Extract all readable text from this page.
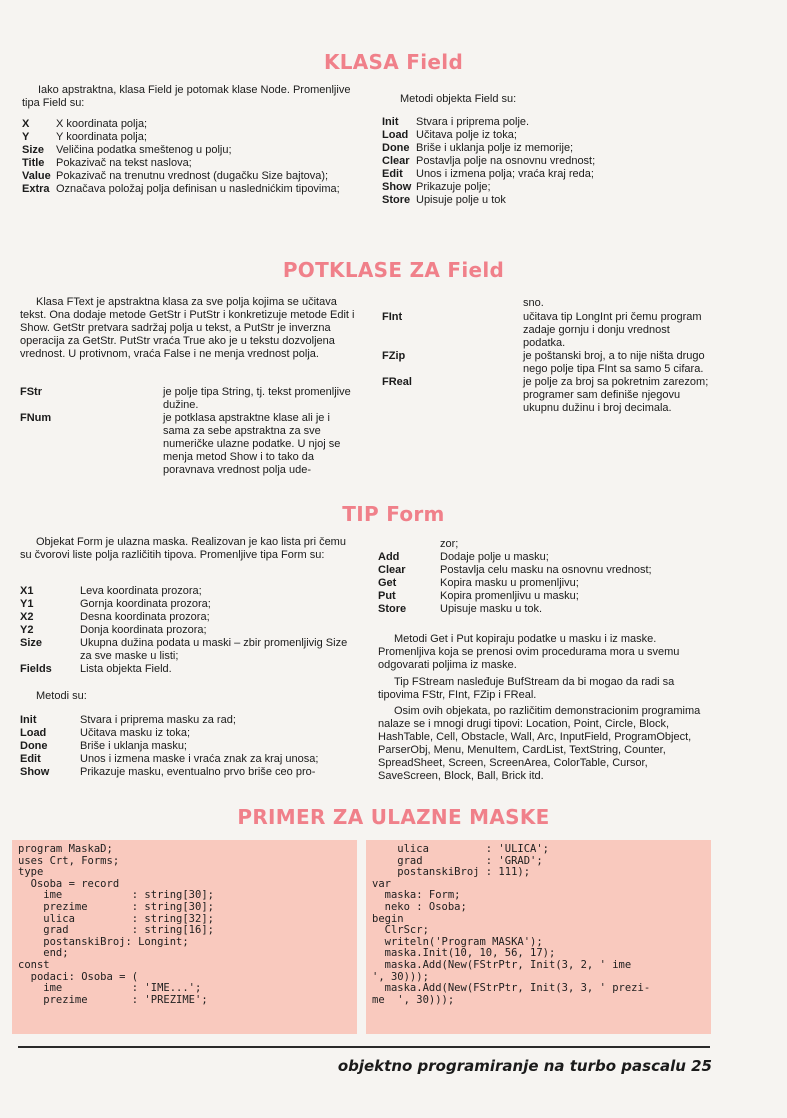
KLASA Field
Iako apstraktna, klasa Field je potomak klase Node. Promenljive tipa Field su:
X	X koordinata polja;
Y	Y koordinata polja;
Size	Veličina podatka smeštenog u polju;
Title	Pokazivač na tekst naslova;
Value Pokazivač na trenutnu vrednost (dugačku Size bajtova);
Extra Označava položaj polja definisan u naslednićkim tipovima;
Metodi objekta Field su:
Init	Stvara i priprema polje.
Load Učitava polje iz toka;
Done Briše i uklanja polje iz memorije;
Clear Postavlja polje na osnovnu vrednost;
Edit	Unos i izmena polja; vraća kraj reda;
Show Prikazuje polje;
Store Upisuje polje u tok
POTKLASE ZA Field
Klasa FText je apstraktna klasa za sve polja kojima se učitava tekst. Ona dodaje metode GetStr i PutStr i konkretizuje metode Edit i Show. GetStr pretvara sadržaj polja u tekst, a PutStr je inverzna operacija za GetStr. PutStr vraća True ako je u tekstu dozvoljena vrednost. U protivnom, vraća False i ne menja vrednost polja.
FStr	je polje tipa String, tj. tekst promenljive dužine.
FNum	je potklasa apstraktne klase ali je i sama za sebe apstraktna za sve numeričke ulazne podatke. U njoj se menja metod Show i to tako da poravnava vrednost polja ude-
sno.
FInt	učitava tip LongInt pri čemu program zadaje gornju i donju vrednost podatka.
FZip	je poštanski broj, a to nije ništa drugo nego polje tipa FInt sa samo 5 cifara.
FReal	je polje za broj sa pokretnim zarezom; programer sam definiše njegovu ukupnu dužinu i broj decimala.
TIP Form
Objekat Form je ulazna maska. Realizovan je kao lista pri čemu su čvorovi liste polja različitih tipova. Promenljive tipa Form su:
X1	Leva koordinata prozora;
Y1	Gornja koordinata prozora;
X2	Desna koordinata prozora;
Y2	Donja koordinata prozora;
Size	Ukupna dužina podata u maski – zbir promenljivig Size za sve maske u listi;
Fields	Lista objekta Field.
Metodi su:
Init	Stvara i priprema masku za rad;
Load	Učitava masku iz toka;
Done	Briše i uklanja masku;
Edit	Unos i izmena maske i vraća znak za kraj unosa;
Show	Prikazuje masku, eventualno prvo briše ceo pro-
zor;
Add	Dodaje polje u masku;
Clear	Postavlja celu masku na osnovnu vrednost;
Get	Kopira masku u promenljivu;
Put	Kopira promenljivu u masku;
Store	Upisuje masku u tok.
Metodi Get i Put kopiraju podatke u masku i iz maske. Promenljiva koja se prenosi ovim procedurama mora u svemu odgovarati poljima iz maske.
Tip FStream nasleđuje BufStream da bi mogao da radi sa tipovima FStr, FInt, FZip i FReal.
Osim ovih objekata, po različitim demonstracionim programima nalaze se i mnogi drugi tipovi: Location, Point, Circle, Block, HashTable, Cell, Obstacle, Wall, Arc, InputField, ProgramObject, ParserObj, Menu, MenuItem, CardList, TextString, Counter, SpreadSheet, Screen, ScreenArea, ColorTable, Cursor, SaveScreen, Block, Ball, Brick itd.
PRIMER ZA ULAZNE MASKE
program MaskaD;
uses Crt, Forms;
type
Osoba = record
ime           : string[30];
prezime       : string[30];
ulica         : string[32];
grad          : string[16];
postanskiBroj: Longint;
end;
const
podaci: Osoba = (
ime           : 'IME...';
prezime       : 'PREZIME';
ulica         : 'ULICA';
grad          : 'GRAD';
postanskiBroj : 111);
var
maska: Form;
neko : Osoba;
begin
ClrScr;
writeln('Program MASKA');
maska.Init(10, 10, 56, 17);
maska.Add(New(FStrPtr, Init(3, 2, ' ime
', 30)));
maska.Add(New(FStrPtr, Init(3, 3, ' prezi-
me  ', 30)));
objektno programiranje na turbo pascalu 25
